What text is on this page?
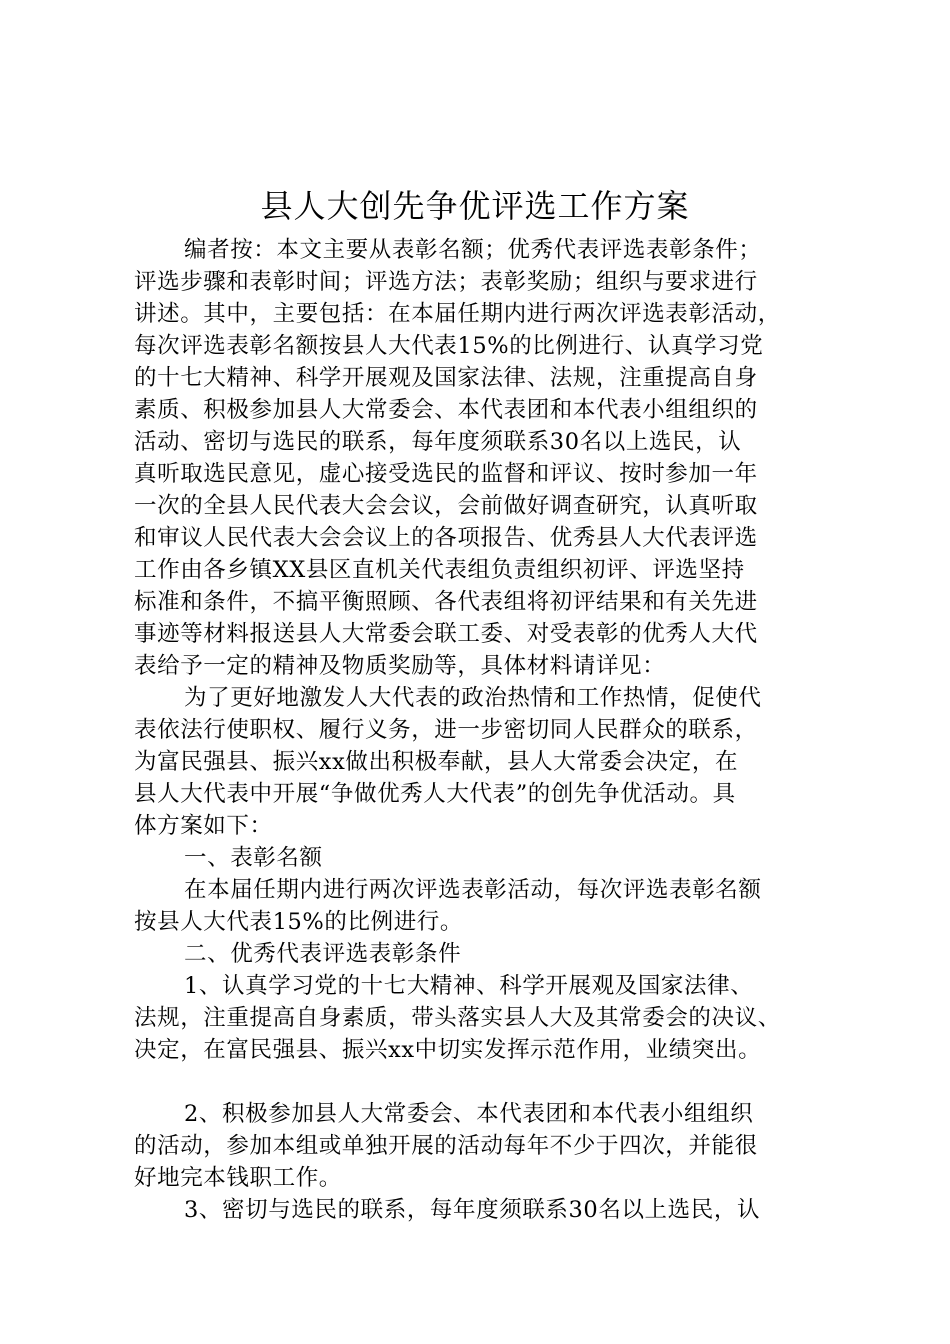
县人大创先争优评选工作方案
编者按：本文主要从表彰名额；优秀代表评选表彰条件；
评选步骤和表彰时间；评选方法；表彰奖励；组织与要求进行
讲述。其中，主要包括：在本届任期内进行两次评选表彰活动，
每次评选表彰名额按县人大代表15%的比例进行、认真学习党
的十七大精神、科学开展观及国家法律、法规，注重提高自身
素质、积极参加县人大常委会、本代表团和本代表小组组织的
活动、密切与选民的联系，每年度须联系30名以上选民，认
真听取选民意见，虚心接受选民的监督和评议、按时参加一年
一次的全县人民代表大会会议，会前做好调查研究，认真听取
和审议人民代表大会会议上的各项报告、优秀县人大代表评选
工作由各乡镇XX县区直机关代表组负责组织初评、评选坚持
标准和条件，不搞平衡照顾、各代表组将初评结果和有关先进
事迹等材料报送县人大常委会联工委、对受表彰的优秀人大代
表给予一定的精神及物质奖励等，具体材料请详见：
为了更好地激发人大代表的政治热情和工作热情，促使代
表依法行使职权、履行义务，进一步密切同人民群众的联系，
为富民强县、振兴xx做出积极奉献，县人大常委会决定，在
县人大代表中开展“争做优秀人大代表”的创先争优活动。具
体方案如下：
一、表彰名额
在本届任期内进行两次评选表彰活动，每次评选表彰名额
按县人大代表15%的比例进行。
二、优秀代表评选表彰条件
1、认真学习党的十七大精神、科学开展观及国家法律、
法规，注重提高自身素质，带头落实县人大及其常委会的决议、
决定，在富民强县、振兴xx中切实发挥示范作用，业绩突出。
2、积极参加县人大常委会、本代表团和本代表小组组织
的活动，参加本组或单独开展的活动每年不少于四次，并能很
好地完本钱职工作。
3、密切与选民的联系，每年度须联系30名以上选民，认
